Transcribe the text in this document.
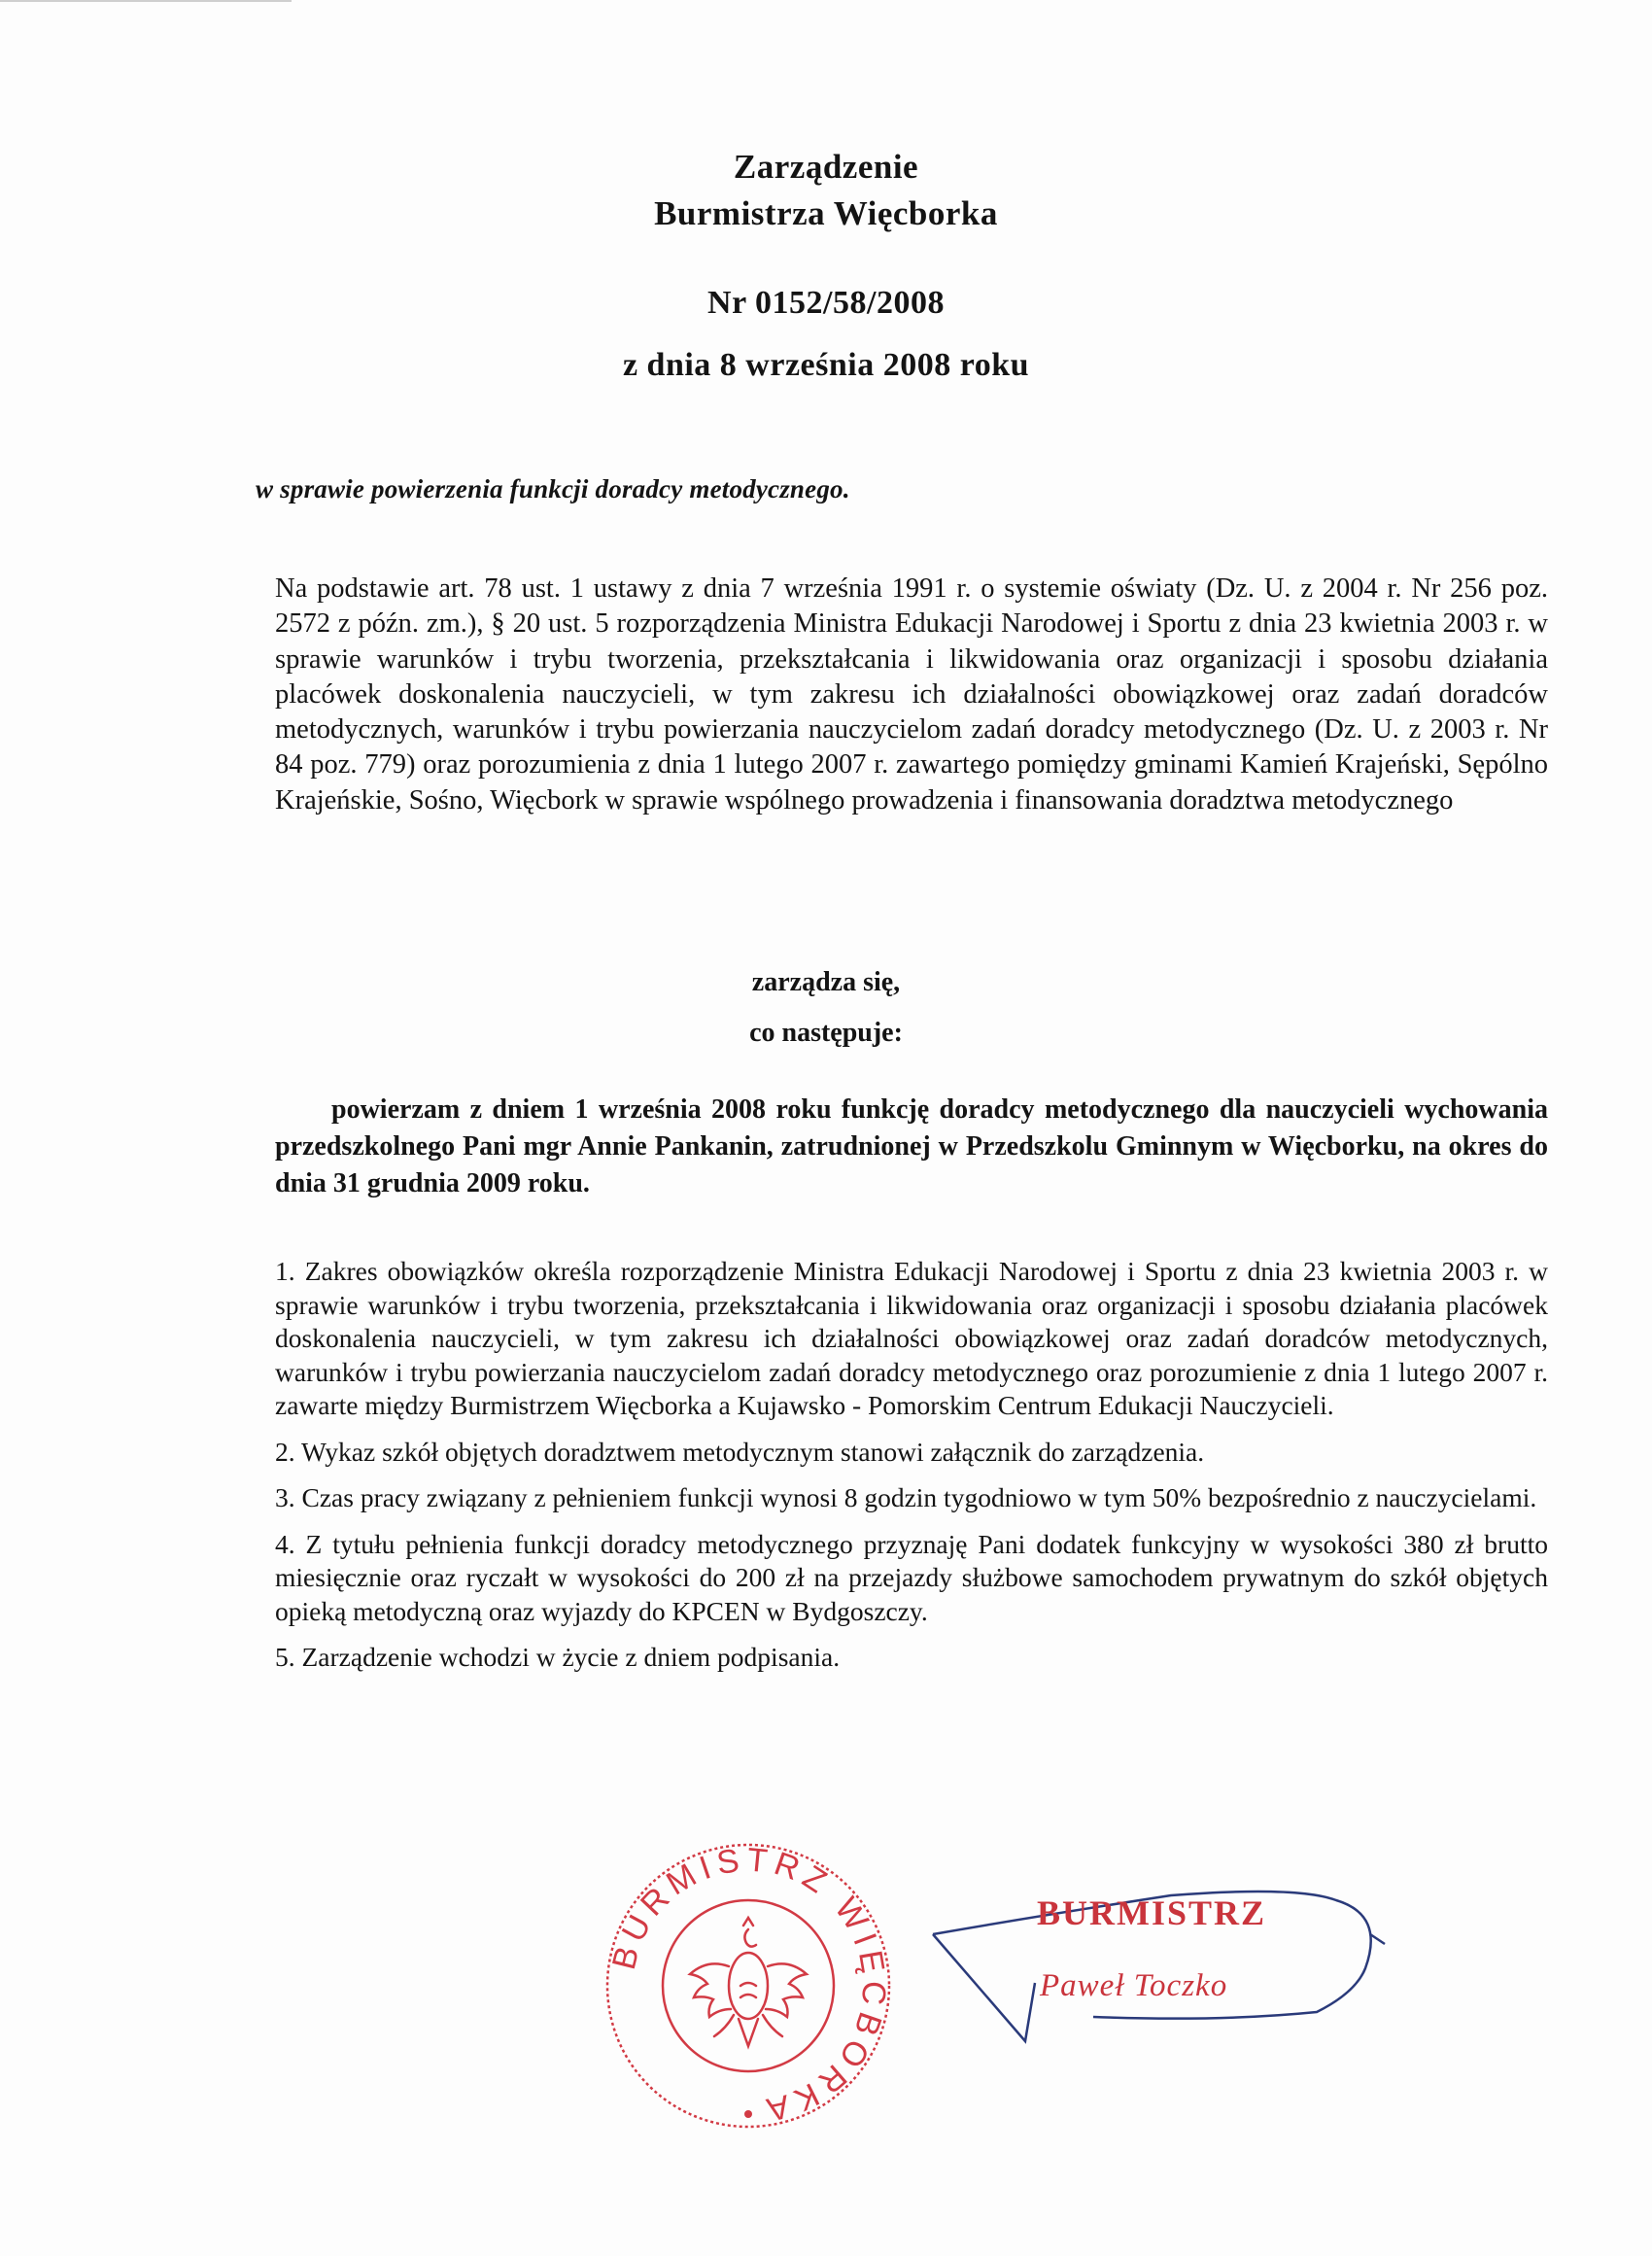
Zarządzenie
Burmistrza Więcborka
Nr 0152/58/2008
z dnia 8 września 2008 roku
w sprawie powierzenia funkcji doradcy metodycznego.
Na podstawie art. 78 ust. 1 ustawy z dnia 7 września 1991 r. o systemie oświaty (Dz. U. z 2004 r. Nr 256 poz. 2572 z późn. zm.), § 20 ust. 5 rozporządzenia Ministra Edukacji Narodowej i Sportu z dnia 23 kwietnia 2003 r. w sprawie warunków i trybu tworzenia, przekształcania i likwidowania oraz organizacji i sposobu działania placówek doskonalenia nauczycieli, w tym zakresu ich działalności obowiązkowej oraz zadań doradców metodycznych, warunków i trybu powierzania nauczycielom zadań doradcy metodycznego (Dz. U. z 2003 r. Nr 84 poz. 779) oraz porozumienia z dnia 1 lutego 2007 r. zawartego pomiędzy gminami Kamień Krajeński, Sępólno Krajeńskie, Sośno, Więcbork w sprawie wspólnego prowadzenia i finansowania doradztwa metodycznego
zarządza się,
co następuje:
powierzam z dniem 1 września 2008 roku funkcję doradcy metodycznego dla nauczycieli wychowania przedszkolnego Pani mgr Annie Pankanin, zatrudnionej w Przedszkolu Gminnym w Więcborku, na okres do dnia 31 grudnia 2009 roku.
1. Zakres obowiązków określa rozporządzenie Ministra Edukacji Narodowej i Sportu z dnia 23 kwietnia 2003 r. w sprawie warunków i trybu tworzenia, przekształcania i likwidowania oraz organizacji i sposobu działania placówek doskonalenia nauczycieli, w tym zakresu ich działalności obowiązkowej oraz zadań doradców metodycznych, warunków i trybu powierzania nauczycielom zadań doradcy metodycznego oraz porozumienie z dnia 1 lutego 2007 r. zawarte między Burmistrzem Więcborka a Kujawsko - Pomorskim Centrum Edukacji Nauczycieli.
2. Wykaz szkół objętych doradztwem metodycznym stanowi załącznik do zarządzenia.
3. Czas pracy związany z pełnieniem funkcji wynosi 8 godzin tygodniowo w tym 50% bezpośrednio z nauczycielami.
4. Z tytułu pełnienia funkcji doradcy metodycznego przyznaję Pani dodatek funkcyjny w wysokości 380 zł brutto miesięcznie oraz ryczałt w wysokości do 200 zł na przejazdy służbowe samochodem prywatnym do szkół objętych opieką metodyczną oraz wyjazdy do KPCEN w Bydgoszczy.
5. Zarządzenie wchodzi w życie z dniem podpisania.
BURMISTRZ WIĘCBORKA
BURMISTRZ
Paweł Toczko
